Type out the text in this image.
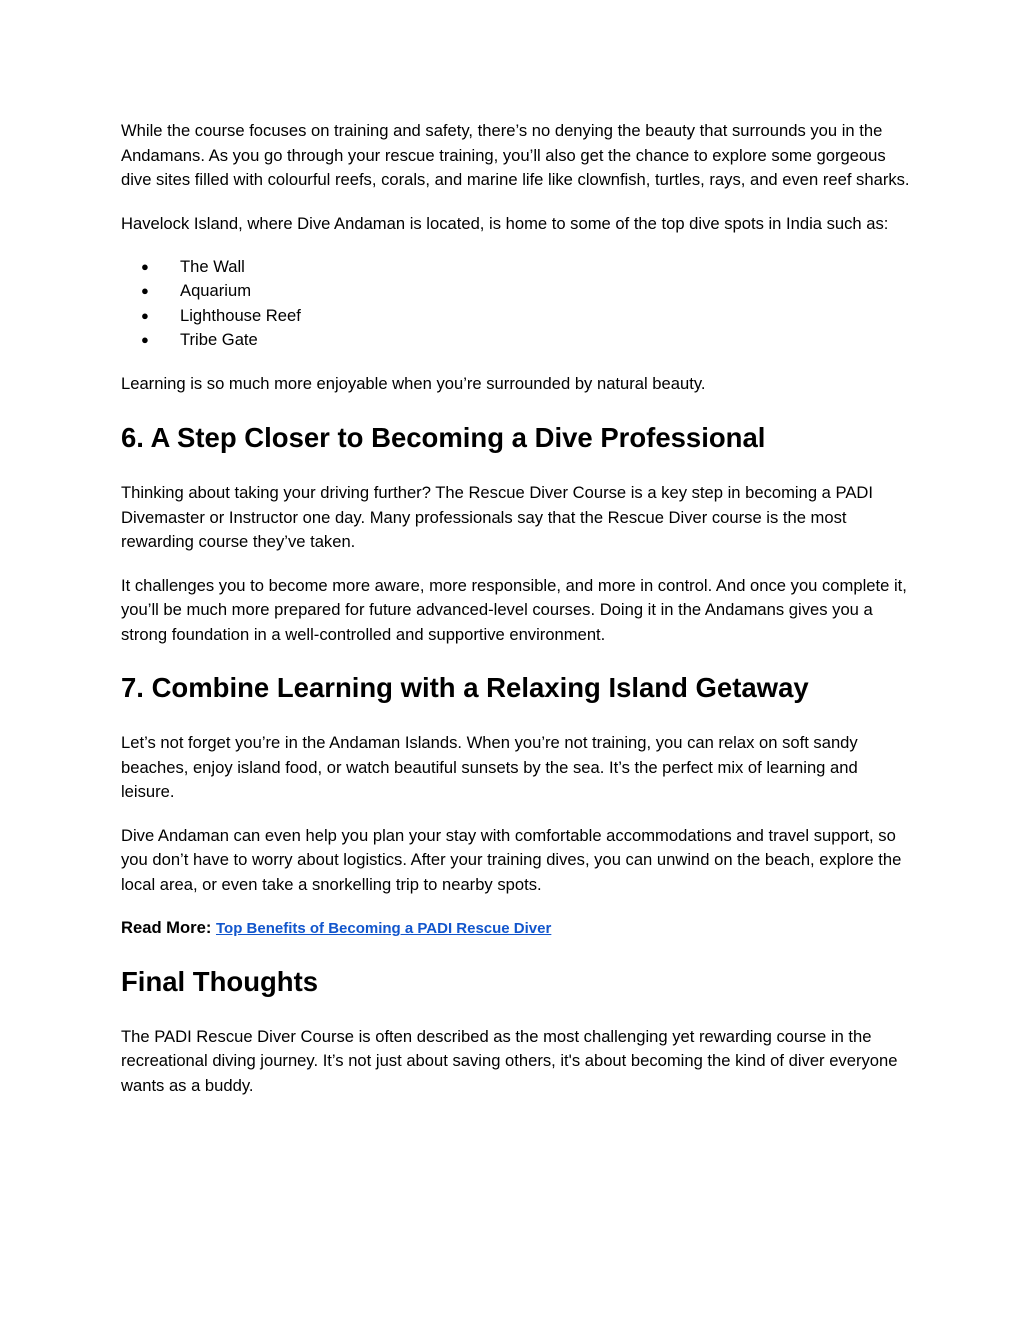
While the course focuses on training and safety, there’s no denying the beauty that surrounds you in the Andamans. As you go through your rescue training, you’ll also get the chance to explore some gorgeous dive sites filled with colourful reefs, corals, and marine life like clownfish, turtles, rays, and even reef sharks.

Havelock Island, where Dive Andaman is located, is home to some of the top dive spots in India such as:

● The Wall
● Aquarium
● Lighthouse Reef
● Tribe Gate

Learning is so much more enjoyable when you’re surrounded by natural beauty.

6. A Step Closer to Becoming a Dive Professional

Thinking about taking your driving further? The Rescue Diver Course is a key step in becoming a PADI Divemaster or Instructor one day. Many professionals say that the Rescue Diver course is the most rewarding course they’ve taken.

It challenges you to become more aware, more responsible, and more in control. And once you complete it, you’ll be much more prepared for future advanced-level courses. Doing it in the Andamans gives you a strong foundation in a well-controlled and supportive environment.

7. Combine Learning with a Relaxing Island Getaway

Let’s not forget you’re in the Andaman Islands. When you’re not training, you can relax on soft sandy beaches, enjoy island food, or watch beautiful sunsets by the sea. It’s the perfect mix of learning and leisure.

Dive Andaman can even help you plan your stay with comfortable accommodations and travel support, so you don’t have to worry about logistics. After your training dives, you can unwind on the beach, explore the local area, or even take a snorkelling trip to nearby spots.

Read More: Top Benefits of Becoming a PADI Rescue Diver

Final Thoughts

The PADI Rescue Diver Course is often described as the most challenging yet rewarding course in the recreational diving journey. It’s not just about saving others, it's about becoming the kind of diver everyone wants as a buddy.
